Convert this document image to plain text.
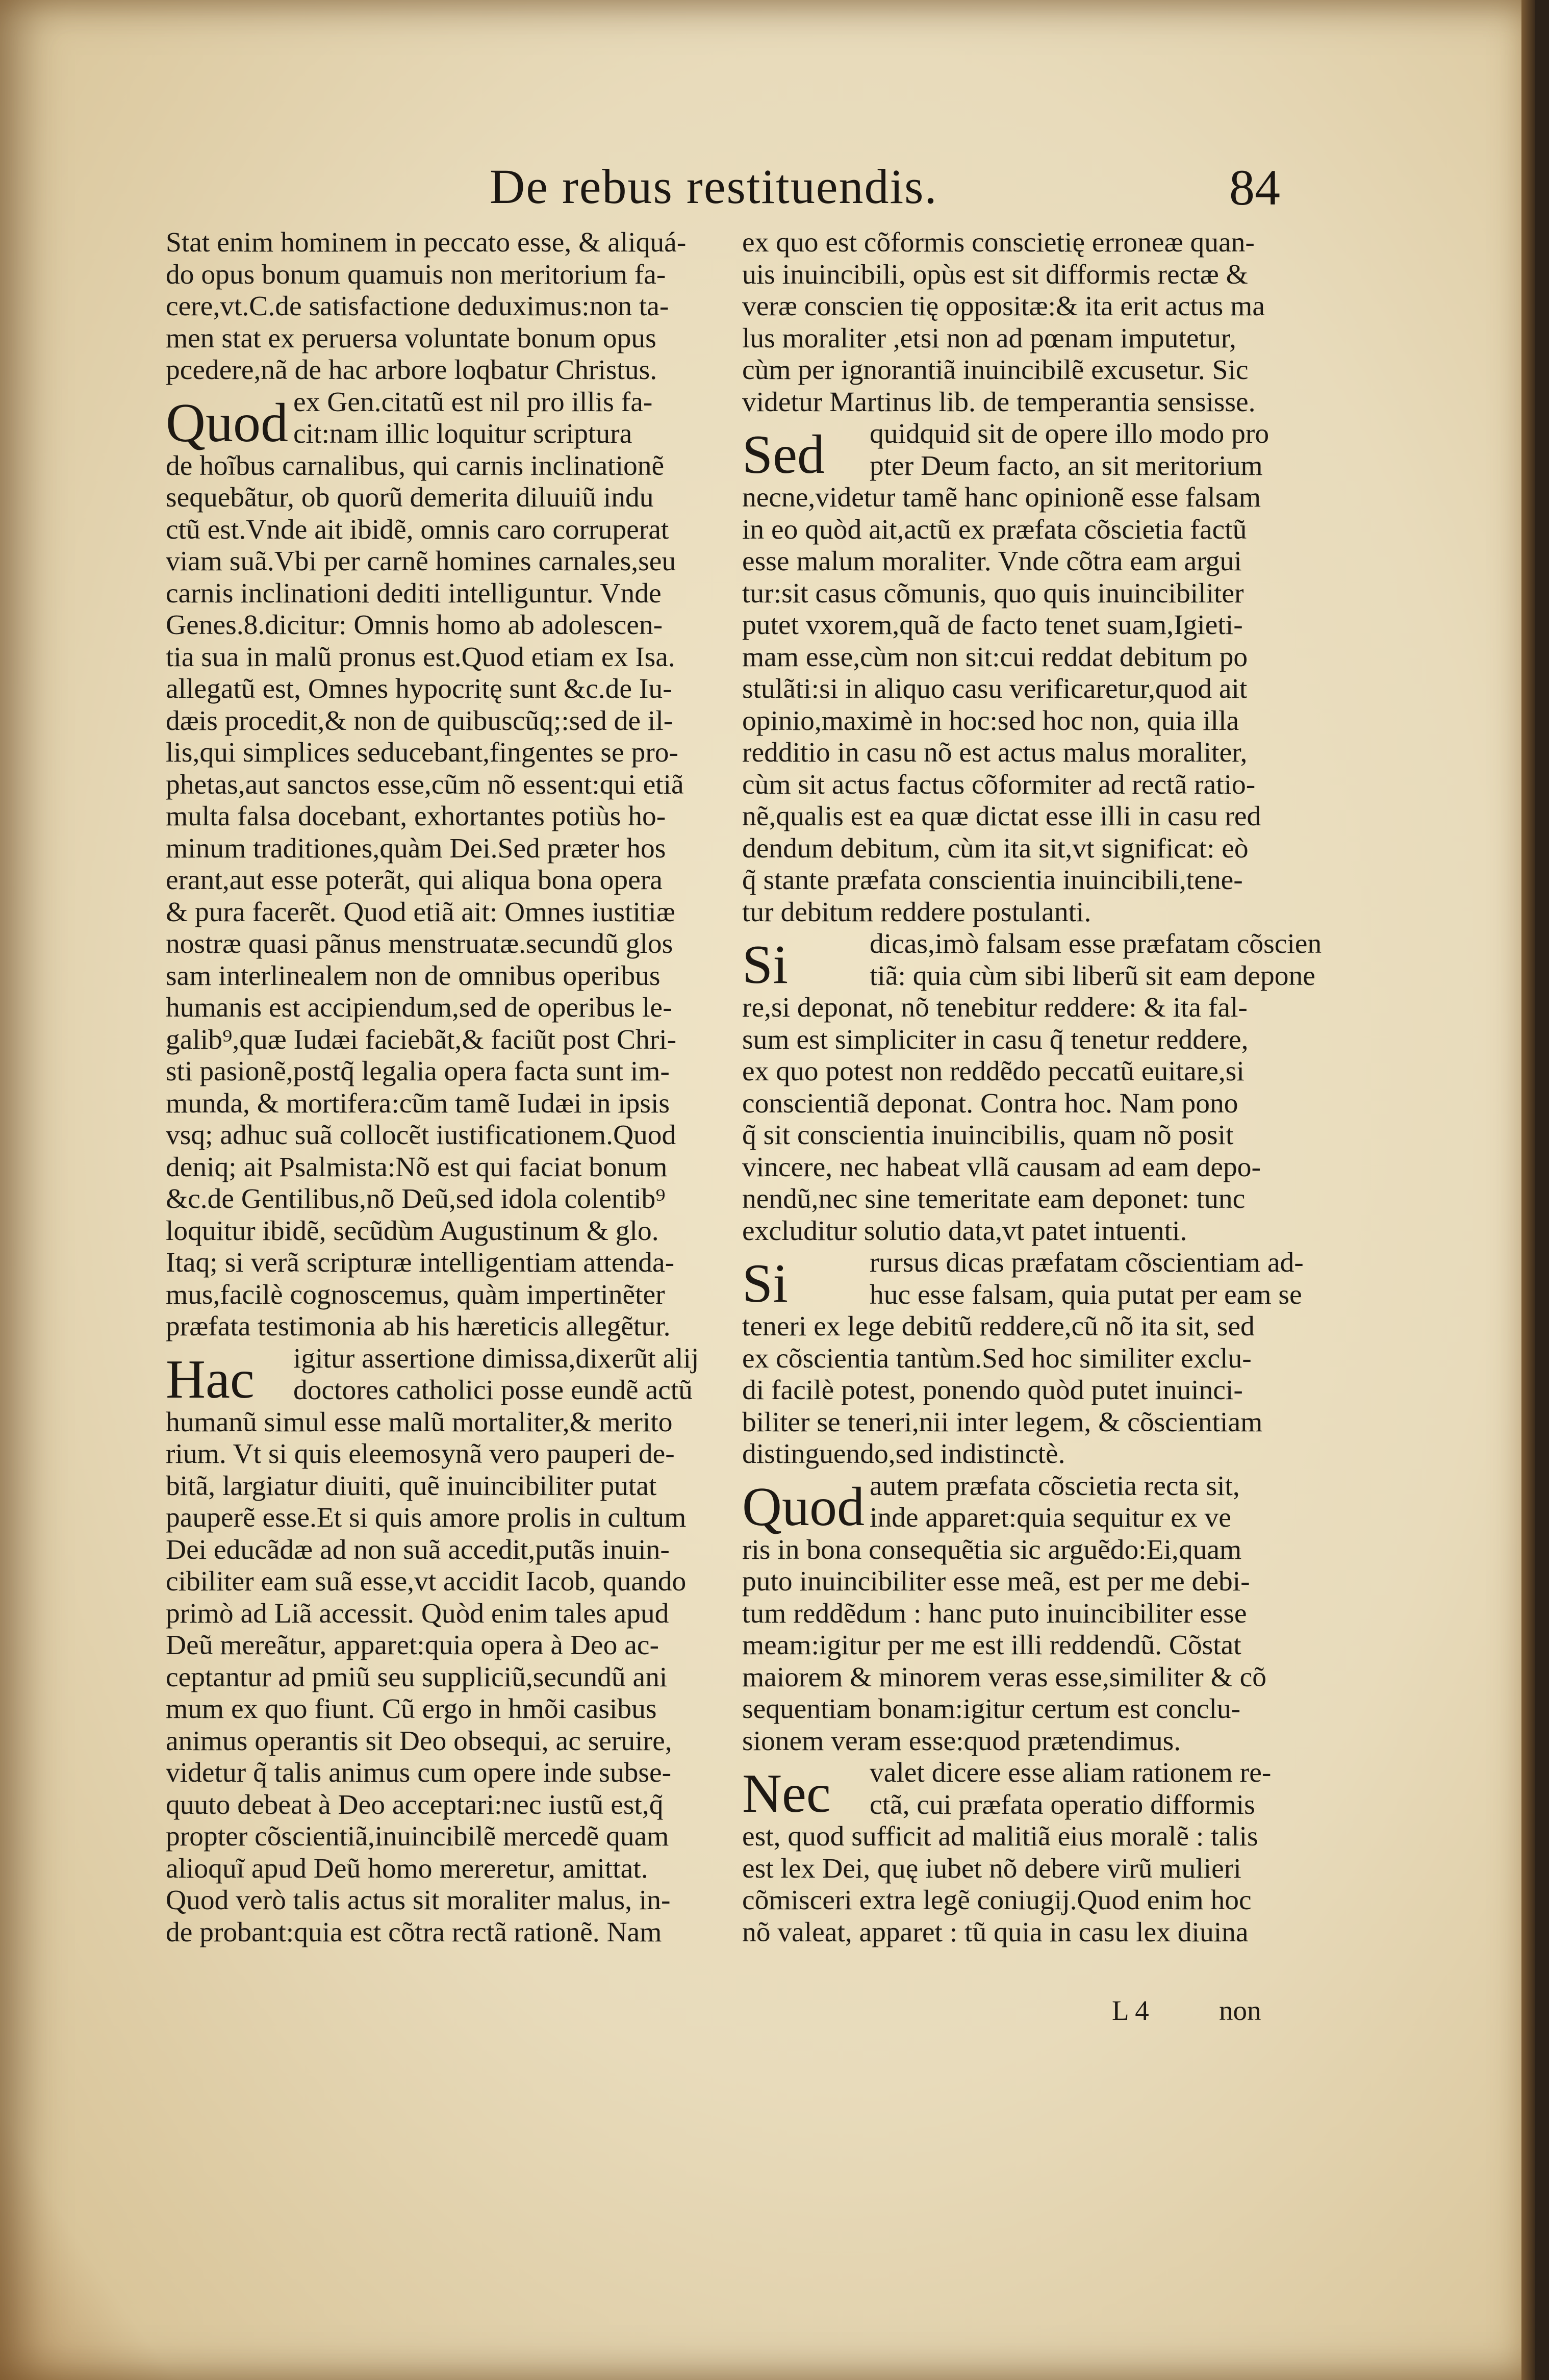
De rebus restituendis.	84
Stat enim hominem in peccato esse, & aliquá-
do opus bonum quamuis non meritorium fa-
cere,vt.C.de satisfactione deduximus:non ta-
men stat ex peruersa voluntate bonum opus
pcedere,nã de hac arbore loqbatur Christus.
Quod ex Gen.citatũ est nil pro illis fa-
cit:nam illic loquitur scriptura
de hoĩbus carnalibus, qui carnis inclinationẽ
sequebãtur, ob quorũ demerita diluuiũ indu
ctũ est.Vnde ait ibidẽ, omnis caro corruperat
viam suã.Vbi per carnẽ homines carnales,seu
carnis inclinationi dediti intelliguntur. Vnde
Genes.8.dicitur: Omnis homo ab adolescen-
tia sua in malũ pronus est.Quod etiam ex Isa.
allegatũ est, Omnes hypocritę sunt &c.de Iu-
dæis procedit,& non de quibuscũq;:sed de il-
lis,qui simplices seducebant,fingentes se pro-
phetas,aut sanctos esse,cũm nõ essent:qui etiã
multa falsa docebant, exhortantes potiùs ho-
minum traditiones,quàm Dei.Sed præter hos
erant,aut esse poterãt, qui aliqua bona opera
& pura facerẽt. Quod etiã ait: Omnes iustitiæ
nostræ quasi pãnus menstruatæ.secundũ glos
sam interlinealem non de omnibus operibus
humanis est accipiendum,sed de operibus le-
galib⁹,quæ Iudæi faciebãt,& faciũt post Chri-
sti pasionẽ,postq̃ legalia opera facta sunt im-
munda, & mortifera:cũm tamẽ Iudæi in ipsis
vsq; adhuc suã collocẽt iustificationem.Quod
deniq; ait Psalmista:Nõ est qui faciat bonum
&c.de Gentilibus,nõ Deũ,sed idola colentib⁹
loquitur ibidẽ, secũdùm Augustinum & glo.
Itaq; si verã scripturæ intelligentiam attenda-
mus,facilè cognoscemus, quàm impertinẽter
præfata testimonia ab his hæreticis allegẽtur.
Hac igitur assertione dimissa,dixerũt alij
doctores catholici posse eundẽ actũ
humanũ simul esse malũ mortaliter,& merito
rium. Vt si quis eleemosynã vero pauperi de-
bitã, largiatur diuiti, quẽ inuincibiliter putat
pauperẽ esse.Et si quis amore prolis in cultum
Dei educãdæ ad non suã accedit,putãs inuin-
cibiliter eam suã esse,vt accidit Iacob, quando
primò ad Liã accessit. Quòd enim tales apud
Deũ mereãtur, apparet:quia opera à Deo ac-
ceptantur ad pmiũ seu suppliciũ,secundũ ani
mum ex quo fiunt. Cũ ergo in hmõi casibus
animus operantis sit Deo obsequi, ac seruire,
videtur q̃ talis animus cum opere inde subse-
quuto debeat à Deo acceptari:nec iustũ est,q̃
propter cõscientiã,inuincibilẽ mercedẽ quam
alioquĩ apud Deũ homo mereretur, amittat.
Quod verò talis actus sit moraliter malus, in-
de probant:quia est cõtra rectã rationẽ. Nam
ex quo est cõformis conscietię erroneæ quan-
uis inuincibili, opùs est sit difformis rectæ &
veræ conscien tię oppositæ:& ita erit actus ma
lus moraliter ,etsi non ad pœnam imputetur,
cùm per ignorantiã inuincibilẽ excusetur. Sic
videtur Martinus lib. de temperantia sensisse.
Sed quidquid sit de opere illo modo pro
pter Deum facto, an sit meritorium
necne,videtur tamẽ hanc opinionẽ esse falsam
in eo quòd ait,actũ ex præfata cõscietia factũ
esse malum moraliter. Vnde cõtra eam argui
tur:sit casus cõmunis, quo quis inuincibiliter
putet vxorem,quã de facto tenet suam,Igieti-
mam esse,cùm non sit:cui reddat debitum po
stulãti:si in aliquo casu verificaretur,quod ait
opinio,maximè in hoc:sed hoc non, quia illa
redditio in casu nõ est actus malus moraliter,
cùm sit actus factus cõformiter ad rectã ratio-
nẽ,qualis est ea quæ dictat esse illi in casu red
dendum debitum, cùm ita sit,vt significat: eò
q̃ stante præfata conscientia inuincibili,tene-
tur debitum reddere postulanti.
Si	dicas,imò falsam esse præfatam cõscien
tiã: quia cùm sibi liberũ sit eam depone
re,si deponat, nõ tenebitur reddere: & ita fal-
sum est simpliciter in casu q̃ tenetur reddere,
ex quo potest non reddẽdo peccatũ euitare,si
conscientiã deponat. Contra hoc. Nam pono
q̃ sit conscientia inuincibilis, quam nõ posit
vincere, nec habeat vllã causam ad eam depo-
nendũ,nec sine temeritate eam deponet: tunc
excluditur solutio data,vt patet intuenti.
Si	rursus dicas præfatam cõscientiam ad-
huc esse falsam, quia putat per eam se
teneri ex lege debitũ reddere,cũ nõ ita sit, sed
ex cõscientia tantùm.Sed hoc similiter exclu-
di facilè potest, ponendo quòd putet inuinci-
biliter se teneri,nii inter legem, & cõscientiam
distinguendo,sed indistinctè.
Quod autem præfata cõscietia recta sit,
inde apparet:quia sequitur ex ve
ris in bona consequẽtia sic arguẽdo:Ei,quam
puto inuincibiliter esse meã, est per me debi-
tum reddẽdum : hanc puto inuincibiliter esse
meam:igitur per me est illi reddendũ. Cõstat
maiorem & minorem veras esse,similiter & cõ
sequentiam bonam:igitur certum est conclu-
sionem veram esse:quod prætendimus.
Nec valet dicere esse aliam rationem re-
ctã, cui præfata operatio difformis
est, quod sufficit ad malitiã eius moralẽ : talis
est lex Dei, quę iubet nõ debere virũ mulieri
cõmisceri extra legẽ coniugij.Quod enim hoc
nõ valeat, apparet : tũ quia in casu lex diuina
L 4 non
